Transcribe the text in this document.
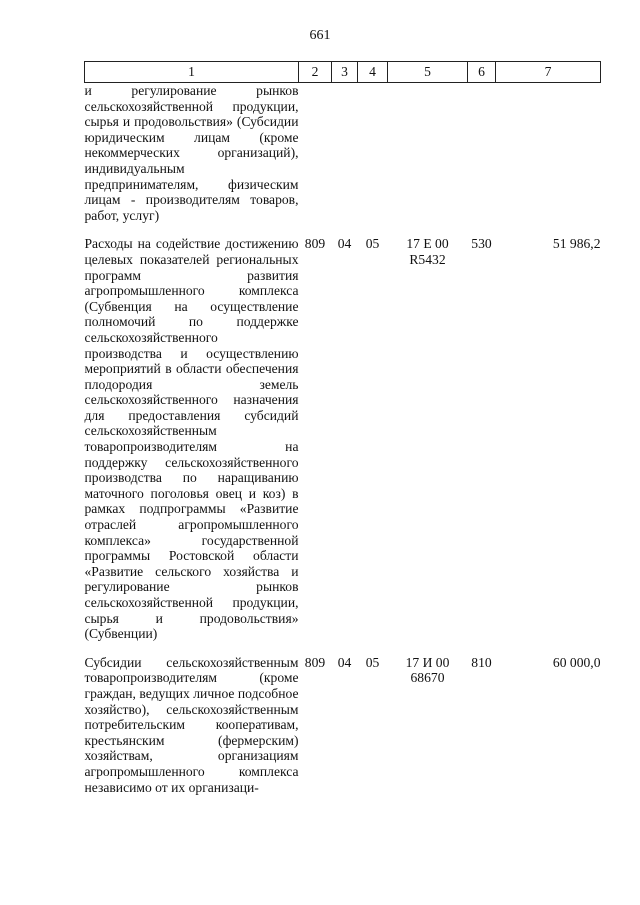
661
1	2	3	4	5	6	7
и регулирование рынков сельскохозяйственной продукции, сырья и продовольствия» (Субсидии юридическим лицам (кроме некоммерческих организаций), индивидуальным предпринимателям, физическим лицам - производителям товаров, работ, услуг)						

Расходы на содействие достижению целевых показателей региональных программ развития агропромышленного комплекса (Субвенция на осуществление полномочий по поддержке сельскохозяйственного производства и осуществлению мероприятий в области обеспечения плодородия земель сельскохозяйственного назначения для предоставления субсидий сельскохозяйственным товаропроизводителям на поддержку сельскохозяйственного производства по наращиванию маточного поголовья овец и коз) в рамках подпрограммы «Развитие отраслей агропромышленного комплекса» государственной программы Ростовской области «Развитие сельского хозяйства и регулирование рынков сельскохозяйственной продукции, сырья и продовольствия» (Субвенции)	809	04	05	17 Е 00 R5432	530	51 986,2

Субсидии сельскохозяйственным товаропроизводителям (кроме граждан, ведущих личное подсобное хозяйство), сельскохозяйственным потребительским кооперативам, крестьянским (фермерским) хозяйствам, организациям агропромышленного комплекса независимо от их организаци-	809	04	05	17 И 00 68670	810	60 000,0
